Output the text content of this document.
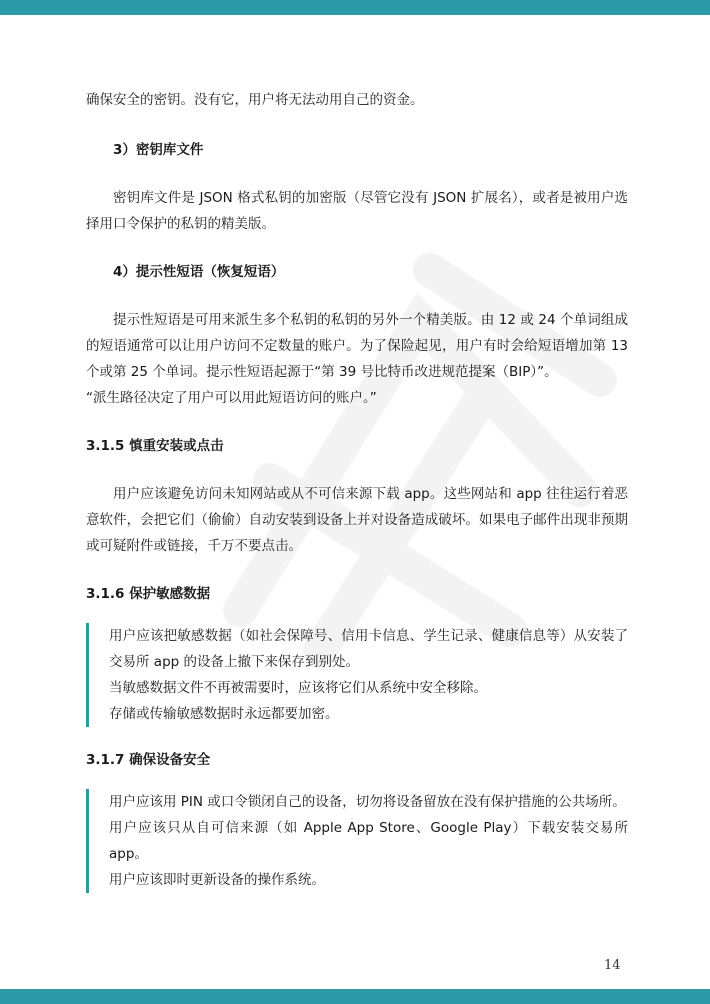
确保安全的密钥。没有它，用户将无法动用自己的资金。

3）密钥库文件

密钥库文件是 JSON 格式私钥的加密版（尽管它没有 JSON 扩展名），或者是被用户选择用口令保护的私钥的精美版。

4）提示性短语（恢复短语）

提示性短语是可用来派生多个私钥的私钥的另外一个精美版。由 12 或 24 个单词组成的短语通常可以让用户访问不定数量的账户。为了保险起见，用户有时会给短语增加第 13 个或第 25 个单词。提示性短语起源于“第 39 号比特币改进规范提案（BIP）”。

“派生路径决定了用户可以用此短语访问的账户。”

3.1.5 慎重安装或点击

用户应该避免访问未知网站或从不可信来源下载 app。这些网站和 app 往往运行着恶意软件，会把它们（偷偷）自动安装到设备上并对设备造成破坏。如果电子邮件出现非预期或可疑附件或链接，千万不要点击。

3.1.6 保护敏感数据

用户应该把敏感数据（如社会保障号、信用卡信息、学生记录、健康信息等）从安装了交易所 app 的设备上撤下来保存到别处。

当敏感数据文件不再被需要时，应该将它们从系统中安全移除。

存储或传输敏感数据时永远都要加密。

3.1.7 确保设备安全

用户应该用 PIN 或口令锁闭自己的设备，切勿将设备留放在没有保护措施的公共场所。

用户应该只从自可信来源（如 Apple App Store、Google Play）下载安装交易所 app。

用户应该即时更新设备的操作系统。

14
